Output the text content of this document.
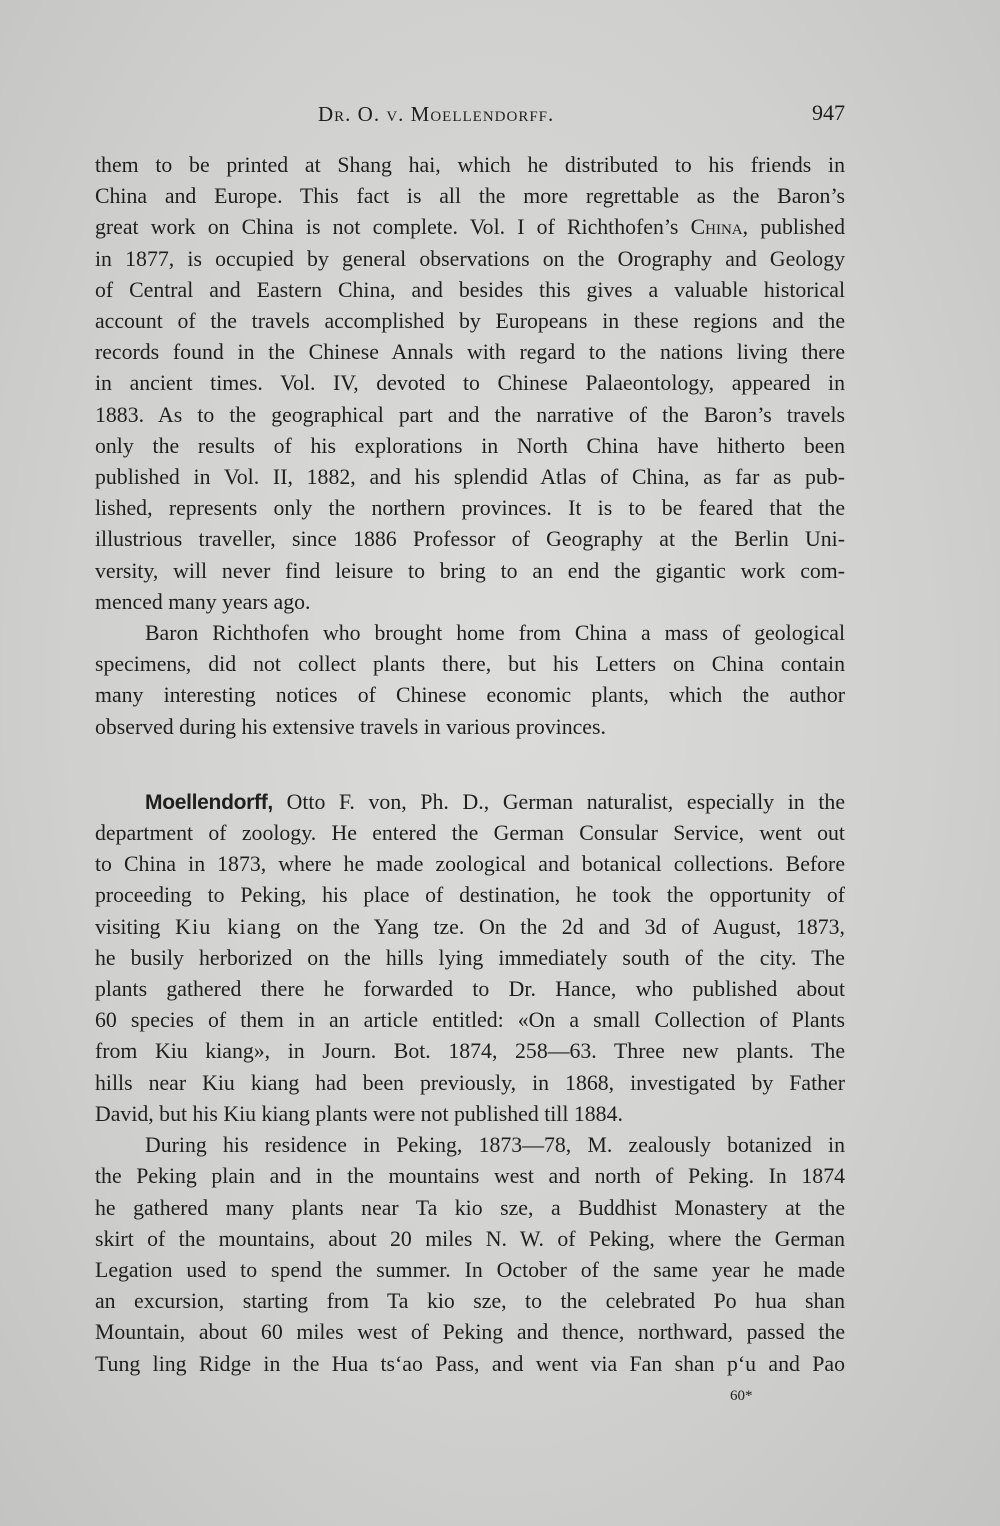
Dr. O. v. Moellendorff.	947
them to be printed at Shang hai, which he distributed to his friends in
China and Europe. This fact is all the more regrettable as the Baron’s
great work on China is not complete. Vol. I of Richthofen’s China, published
in 1877, is occupied by general observations on the Orography and Geology
of Central and Eastern China, and besides this gives a valuable historical
account of the travels accomplished by Europeans in these regions and the
records found in the Chinese Annals with regard to the nations living there
in ancient times. Vol. IV, devoted to Chinese Palaeontology, appeared in
1883. As to the geographical part and the narrative of the Baron’s travels
only the results of his explorations in North China have hitherto been
published in Vol. II, 1882, and his splendid Atlas of China, as far as pub-
lished, represents only the northern provinces. It is to be feared that the
illustrious traveller, since 1886 Professor of Geography at the Berlin Uni-
versity, will never find leisure to bring to an end the gigantic work com-
menced many years ago.
Baron Richthofen who brought home from China a mass of geological
specimens, did not collect plants there, but his Letters on China contain
many interesting notices of Chinese economic plants, which the author
observed during his extensive travels in various provinces.
Moellendorff, Otto F. von, Ph. D., German naturalist, especially in the
department of zoology. He entered the German Consular Service, went out
to China in 1873, where he made zoological and botanical collections. Before
proceeding to Peking, his place of destination, he took the opportunity of
visiting Kiu kiang on the Yang tze. On the 2d and 3d of August, 1873,
he busily herborized on the hills lying immediately south of the city. The
plants gathered there he forwarded to Dr. Hance, who published about
60 species of them in an article entitled: «On a small Collection of Plants
from Kiu kiang», in Journ. Bot. 1874, 258—63. Three new plants. The
hills near Kiu kiang had been previously, in 1868, investigated by Father
David, but his Kiu kiang plants were not published till 1884.
During his residence in Peking, 1873—78, M. zealously botanized in
the Peking plain and in the mountains west and north of Peking. In 1874
he gathered many plants near Ta kio sze, a Buddhist Monastery at the
skirt of the mountains, about 20 miles N. W. of Peking, where the German
Legation used to spend the summer. In October of the same year he made
an excursion, starting from Ta kio sze, to the celebrated Po hua shan
Mountain, about 60 miles west of Peking and thence, northward, passed the
Tung ling Ridge in the Hua ts‘ao Pass, and went via Fan shan p‘u and Pao
60*
